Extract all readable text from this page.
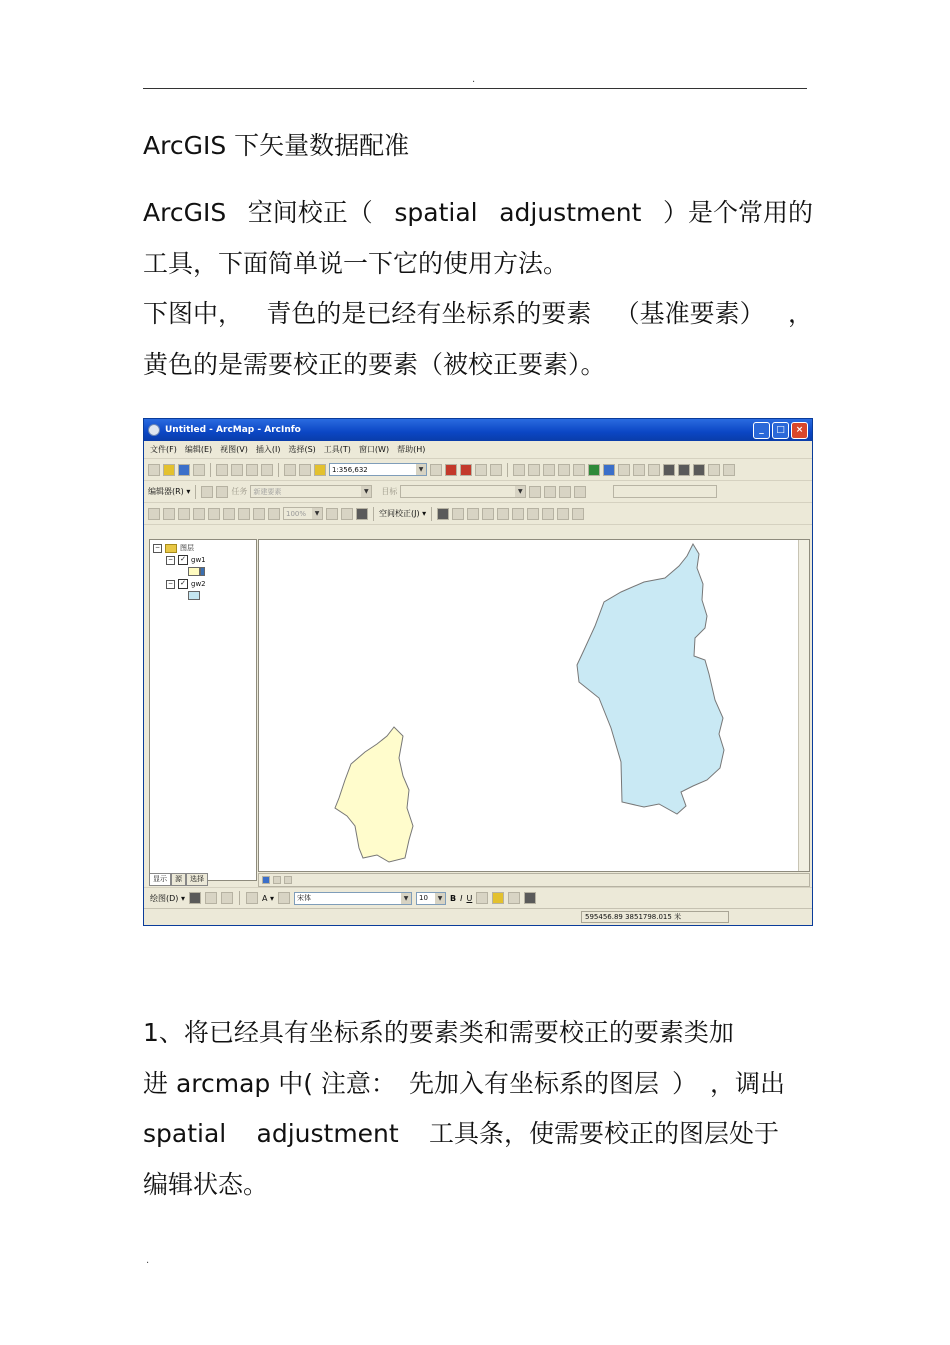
.
ArcGIS 下矢量数据配准
ArcGIS 空间校正（ spatial adjustment ）是个常用的
工具，下面简单说一下它的使用方法。
下图中， 青色的是已经有坐标系的要素 （基准要素） ，
黄色的是需要校正的要素（被校正要素）。
Untitled - ArcMap - ArcInfo	_	□	×
文件(F) 编辑(E) 视图(V) 插入(I) 选择(S) 工具(T) 窗口(W) 帮助(H)
1:356,632	▼
编辑器(R) ▾	任务 新建要素	▼	目标	▼
100%	▼	空间校正(J) ▾
−	图层
− ✓ gw1
− ✓ gw2
显示	源	选择
绘图(D) ▾	A ▾	宋体	▼	10	▼ B I U
595456.89 3851798.015 米
1、将已经具有坐标系的要素类和需要校正的要素类加
进 arcmap 中( 注意： 先加入有坐标系的图层 ） ，调出
spatial adjustment 工具条，使需要校正的图层处于
编辑状态。
.
